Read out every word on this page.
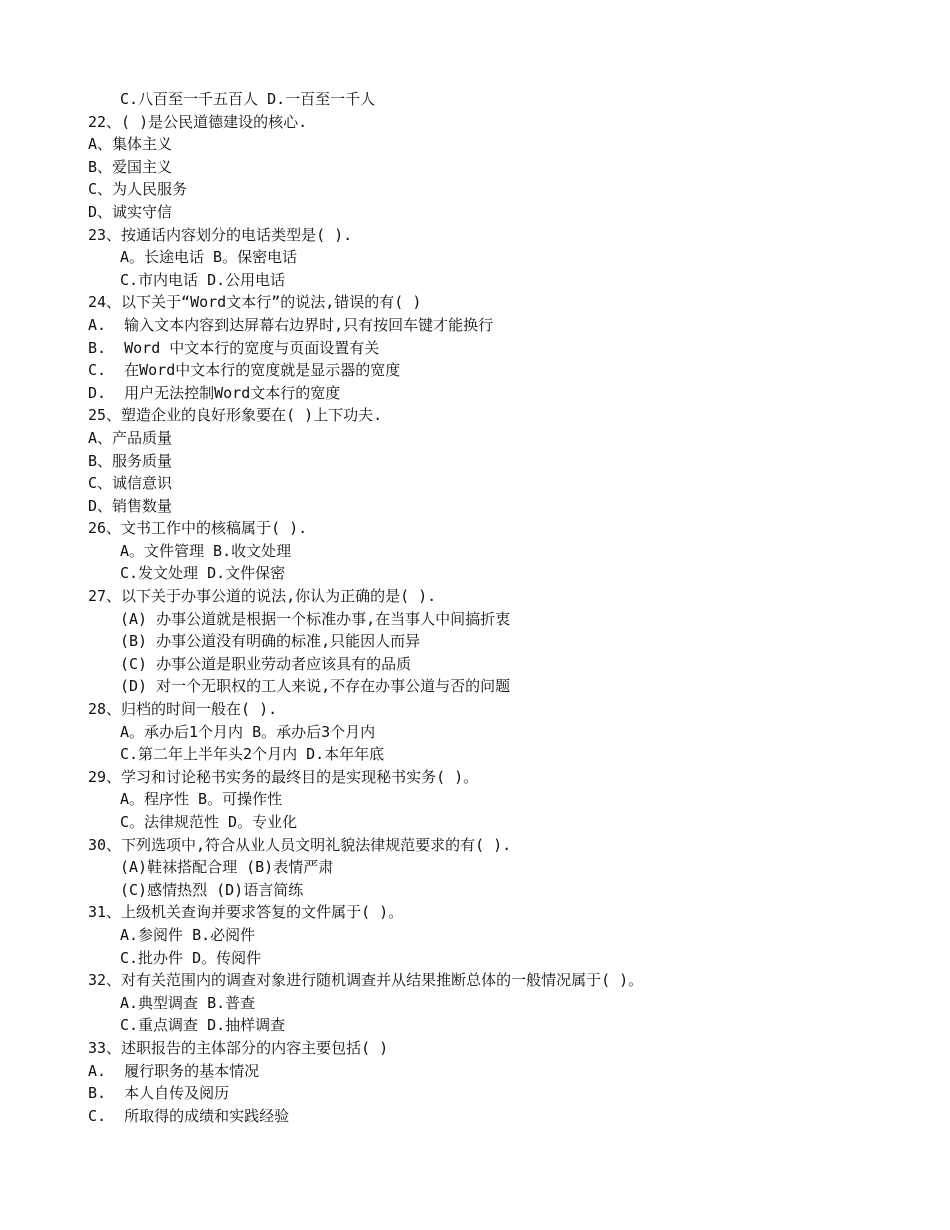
C.八百至一千五百人 D.一百至一千人
22、( )是公民道德建设的核心.
A、集体主义
B、爱国主义
C、为人民服务
D、诚实守信
23、按通话内容划分的电话类型是( ).
A。长途电话 B。保密电话
C.市内电话 D.公用电话
24、以下关于“Word文本行”的说法,错误的有( )
A.  输入文本内容到达屏幕右边界时,只有按回车键才能换行
B.  Word 中文本行的宽度与页面设置有关
C.  在Word中文本行的宽度就是显示器的宽度
D.  用户无法控制Word文本行的宽度
25、塑造企业的良好形象要在( )上下功夫.
A、产品质量
B、服务质量
C、诚信意识
D、销售数量
26、文书工作中的核稿属于( ).
A。文件管理 B.收文处理
C.发文处理 D.文件保密
27、以下关于办事公道的说法,你认为正确的是( ).
(A) 办事公道就是根据一个标准办事,在当事人中间搞折衷
(B) 办事公道没有明确的标准,只能因人而异
(C) 办事公道是职业劳动者应该具有的品质
(D) 对一个无职权的工人来说,不存在办事公道与否的问题
28、归档的时间一般在( ).
A。承办后1个月内 B。承办后3个月内
C.第二年上半年头2个月内 D.本年年底
29、学习和讨论秘书实务的最终目的是实现秘书实务( )。
A。程序性 B。可操作性
C。法律规范性 D。专业化
30、下列选项中,符合从业人员文明礼貌法律规范要求的有( ).
(A)鞋袜搭配合理 (B)表情严肃
(C)感情热烈 (D)语言简练
31、上级机关查询并要求答复的文件属于( )。
A.参阅件 B.必阅件
C.批办件 D。传阅件
32、对有关范围内的调查对象进行随机调查并从结果推断总体的一般情况属于( )。
A.典型调查 B.普查
C.重点调查 D.抽样调查
33、述职报告的主体部分的内容主要包括( )
A.  履行职务的基本情况
B.  本人自传及阅历
C.  所取得的成绩和实践经验
